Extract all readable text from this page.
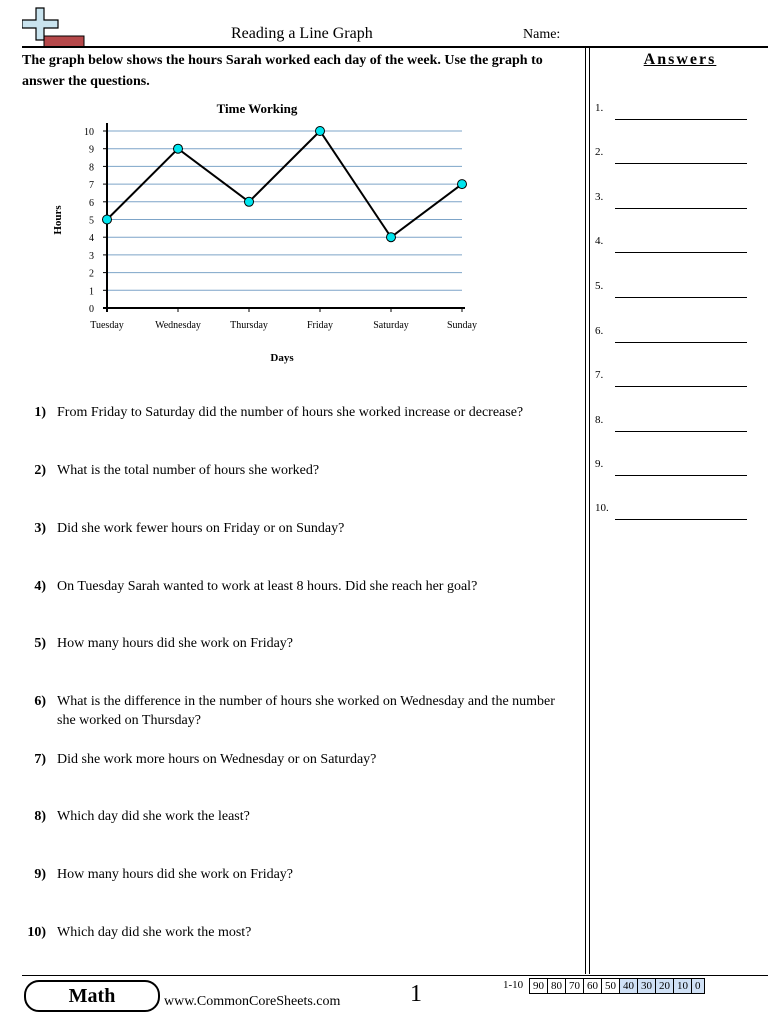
Reading a Line Graph	Name:
The graph below shows the hours Sarah worked each day of the week. Use the graph to answer the questions.
Time Working
0
1
2
3
4
5
6
7
8
9
10
Tuesday	Wednesday	Thursday	Friday	Saturday	Sunday
Hours
Days
1) From Friday to Saturday did the number of hours she worked increase or decrease?
2) What is the total number of hours she worked?
3) Did she work fewer hours on Friday or on Sunday?
4) On Tuesday Sarah wanted to work at least 8 hours. Did she reach her goal?
5) How many hours did she work on Friday?
6) What is the difference in the number of hours she worked on Wednesday and the number she worked on Thursday?
7) Did she work more hours on Wednesday or on Saturday?
8) Which day did she work the least?
9) How many hours did she work on Friday?
10) Which day did she work the most?
Answers
1.
2.
3.
4.
5.
6.
7.
8.
9.
10.
Math	www.CommonCoreSheets.com	1	1-10 90 80 70 60 50 40 30 20 10 0
